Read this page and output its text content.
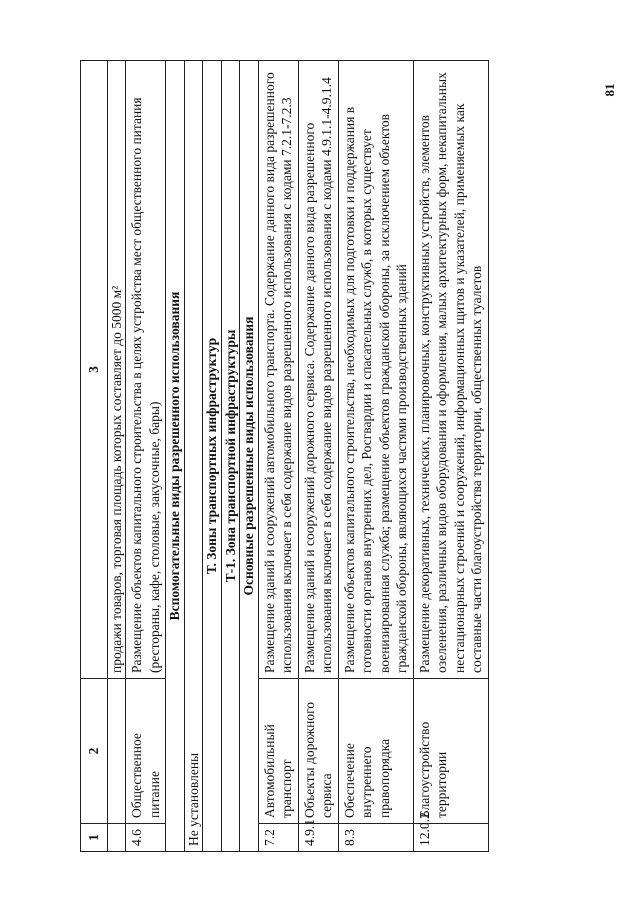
81
1	2	3
		продажи товаров, торговая площадь которых составляет до 5000 м²
4.6	Общественное питание	Размещение объектов капитального строительства в целях устройства мест общественного питания (рестораны, кафе, столовые, закусочные, бары)
Вспомогательные виды разрешенного использования		
Не установлены		
Т. Зоны транспортных инфраструктур		
Т-1. Зона транспортной инфраструктуры		
Основные разрешенные виды использования		
7.2	Автомобильный транспорт	Размещение зданий и сооружений автомобильного транспорта. Содержание данного вида разрешенного использования включает в себя содержание видов разрешенного использования с кодами 7.2.1-7.2.3
4.9.1	Объекты дорожного сервиса	Размещение зданий и сооружений дорожного сервиса. Содержание данного вида разрешенного использования включает в себя содержание видов разрешенного использования с кодами 4.9.1.1-4.9.1.4
8.3	Обеспечение внутреннего правопорядка	Размещение объектов капитального строительства, необходимых для подготовки и поддержания в готовности органов внутренних дел, Росгвардии и спасательных служб, в которых существует военизированная служба; размещение объектов гражданской обороны, за исключением объектов гражданской обороны, являющихся частями производственных зданий
12.0.2	Благоустройство территории	Размещение декоративных, технических, планировочных, конструктивных устройств, элементов озеленения, различных видов оборудования и оформления, малых архитектурных форм, некапитальных нестационарных строений и сооружений, информационных щитов и указателей, применяемых как составные части благоустройства территории, общественных туалетов
